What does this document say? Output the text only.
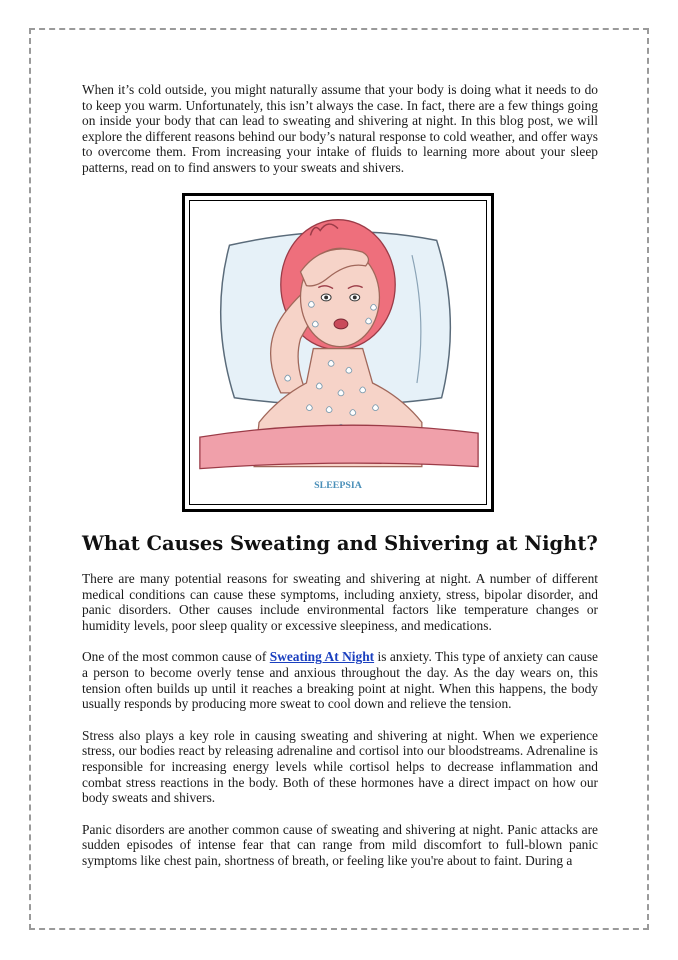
When it’s cold outside, you might naturally assume that your body is doing what it needs to do to keep you warm. Unfortunately, this isn’t always the case. In fact, there are a few things going on inside your body that can lead to sweating and shivering at night. In this blog post, we will explore the different reasons behind our body’s natural response to cold weather, and offer ways to overcome them. From increasing your intake of fluids to learning more about your sleep patterns, read on to find answers to your sweats and shivers.

SLEEPSIA
What Causes Sweating and Shivering at Night?

There are many potential reasons for sweating and shivering at night. A number of different medical conditions can cause these symptoms, including anxiety, stress, bipolar disorder, and panic disorders. Other causes include environmental factors like temperature changes or humidity levels, poor sleep quality or excessive sleepiness, and medications.

One of the most common cause of Sweating At Night is anxiety. This type of anxiety can cause a person to become overly tense and anxious throughout the day. As the day wears on, this tension often builds up until it reaches a breaking point at night. When this happens, the body usually responds by producing more sweat to cool down and relieve the tension.

Stress also plays a key role in causing sweating and shivering at night. When we experience stress, our bodies react by releasing adrenaline and cortisol into our bloodstreams. Adrenaline is responsible for increasing energy levels while cortisol helps to decrease inflammation and combat stress reactions in the body. Both of these hormones have a direct impact on how our body sweats and shivers.

Panic disorders are another common cause of sweating and shivering at night. Panic attacks are sudden episodes of intense fear that can range from mild discomfort to full-blown panic symptoms like chest pain, shortness of breath, or feeling like you're about to faint. During a
